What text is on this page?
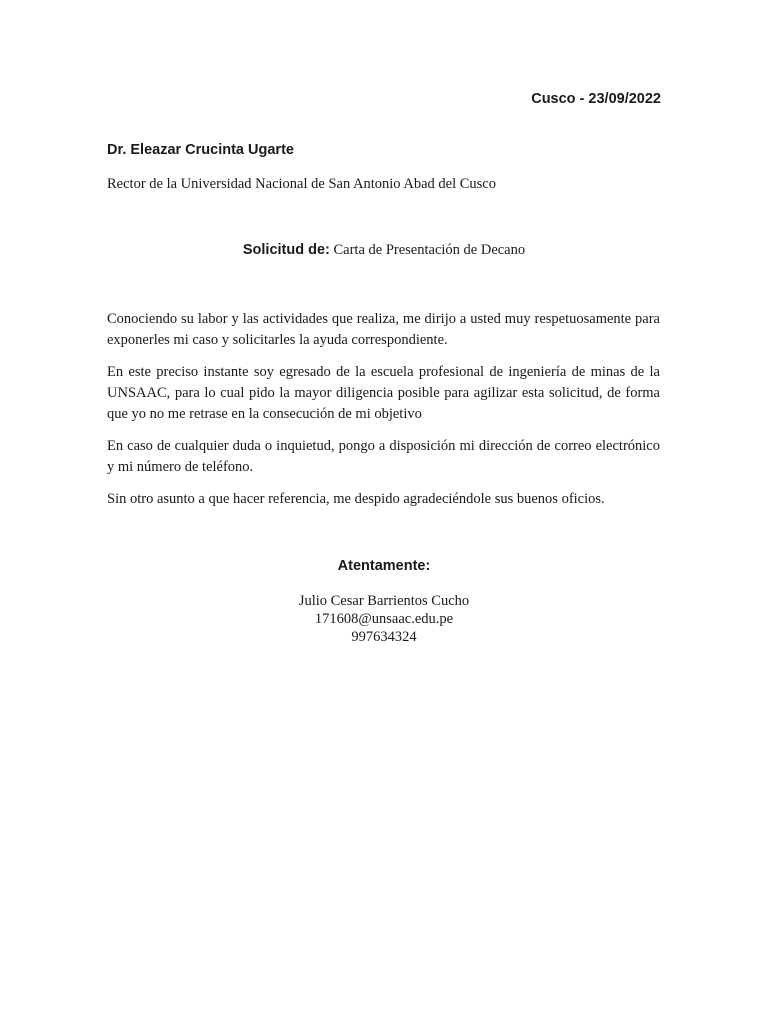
Cusco - 23/09/2022
Dr. Eleazar Crucinta Ugarte
Rector de la Universidad Nacional de San Antonio Abad del Cusco
Solicitud de: Carta de Presentación de Decano

Conociendo su labor y las actividades que realiza, me dirijo a usted muy respetuosamente para exponerles mi caso y solicitarles la ayuda correspondiente.

En este preciso instante soy egresado de la escuela profesional de ingeniería de minas de la UNSAAC, para lo cual pido la mayor diligencia posible para agilizar esta solicitud, de forma que yo no me retrase en la consecución de mi objetivo

En caso de cualquier duda o inquietud, pongo a disposición mi dirección de correo electrónico y mi número de teléfono.

Sin otro asunto a que hacer referencia, me despido agradeciéndole sus buenos oficios.

Atentamente:
Julio Cesar Barrientos Cucho
171608@unsaac.edu.pe
997634324
